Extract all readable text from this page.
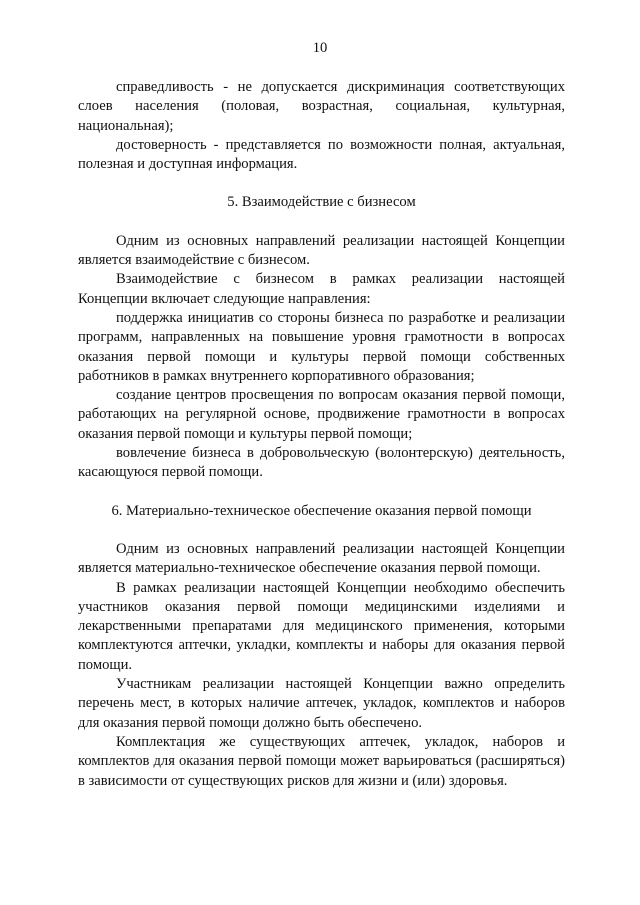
10

справедливость - не допускается дискриминация соответствующих слоев населения (половая, возрастная, социальная, культурная, национальная);

достоверность - представляется по возможности полная, актуальная, полезная и доступная информация.

5. Взаимодействие с бизнесом

Одним из основных направлений реализации настоящей Концепции является взаимодействие с бизнесом.

Взаимодействие с бизнесом в рамках реализации настоящей Концепции включает следующие направления:

поддержка инициатив со стороны бизнеса по разработке и реализации программ, направленных на повышение уровня грамотности в вопросах оказания первой помощи и культуры первой помощи собственных работников в рамках внутреннего корпоративного образования;

создание центров просвещения по вопросам оказания первой помощи, работающих на регулярной основе, продвижение грамотности в вопросах оказания первой помощи и культуры первой помощи;

вовлечение бизнеса в добровольческую (волонтерскую) деятельность, касающуюся первой помощи.

6. Материально-техническое обеспечение оказания первой помощи

Одним из основных направлений реализации настоящей Концепции является материально-техническое обеспечение оказания первой помощи.

В рамках реализации настоящей Концепции необходимо обеспечить участников оказания первой помощи медицинскими изделиями и лекарственными препаратами для медицинского применения, которыми комплектуются аптечки, укладки, комплекты и наборы для оказания первой помощи.

Участникам реализации настоящей Концепции важно определить перечень мест, в которых наличие аптечек, укладок, комплектов и наборов для оказания первой помощи должно быть обеспечено.

Комплектация же существующих аптечек, укладок, наборов и комплектов для оказания первой помощи может варьироваться (расширяться) в зависимости от существующих рисков для жизни и (или) здоровья.
